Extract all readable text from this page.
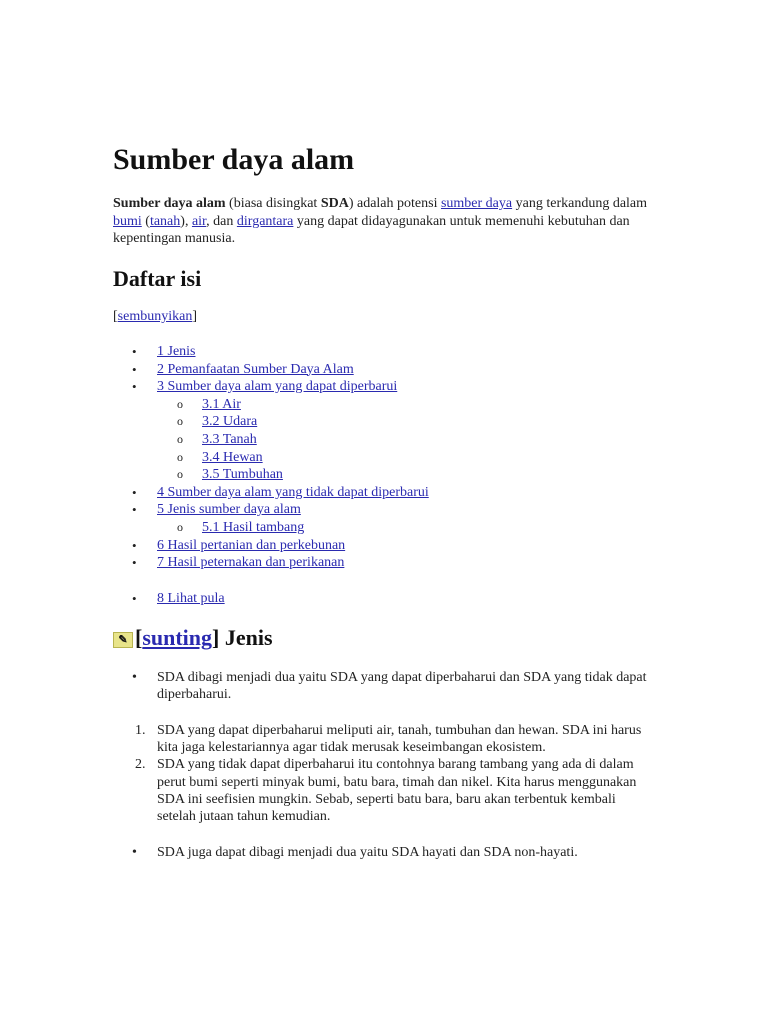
Sumber daya alam

Sumber daya alam (biasa disingkat SDA) adalah potensi sumber daya yang terkandung dalam bumi (tanah), air, dan dirgantara yang dapat didayagunakan untuk memenuhi kebutuhan dan kepentingan manusia.

Daftar isi
[sembunyikan]
• 1 Jenis
• 2 Pemanfaatan Sumber Daya Alam
• 3 Sumber daya alam yang dapat diperbarui
o 3.1 Air
o 3.2 Udara
o 3.3 Tanah
o 3.4 Hewan
o 3.5 Tumbuhan
• 4 Sumber daya alam yang tidak dapat diperbarui
• 5 Jenis sumber daya alam
o 5.1 Hasil tambang
• 6 Hasil pertanian dan perkebunan
• 7 Hasil peternakan dan perikanan
• 8 Lihat pula
✎ [sunting] Jenis
• SDA dibagi menjadi dua yaitu SDA yang dapat diperbaharui dan SDA yang tidak dapat diperbaharui.
1. SDA yang dapat diperbaharui meliputi air, tanah, tumbuhan dan hewan. SDA ini harus kita jaga kelestariannya agar tidak merusak keseimbangan ekosistem.
2. SDA yang tidak dapat diperbaharui itu contohnya barang tambang yang ada di dalam perut bumi seperti minyak bumi, batu bara, timah dan nikel. Kita harus menggunakan SDA ini seefisien mungkin. Sebab, seperti batu bara, baru akan terbentuk kembali setelah jutaan tahun kemudian.
• SDA juga dapat dibagi menjadi dua yaitu SDA hayati dan SDA non-hayati.
